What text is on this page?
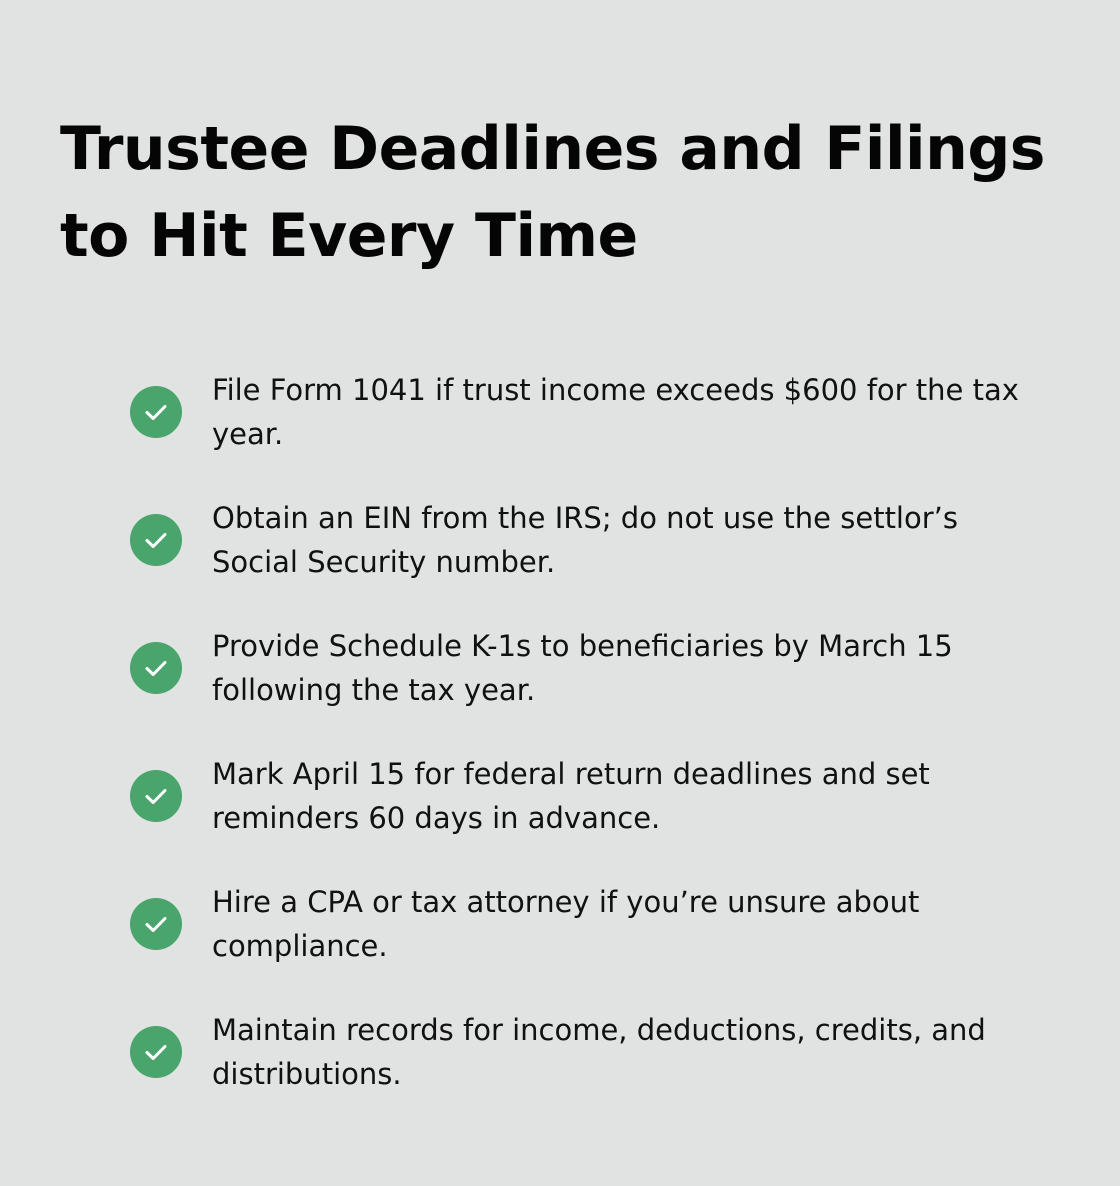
Trustee Deadlines and Filings
to Hit Every Time
File Form 1041 if trust income exceeds $600 for the tax
year.
Obtain an EIN from the IRS; do not use the settlor’s
Social Security number.
Provide Schedule K-1s to beneficiaries by March 15
following the tax year.
Mark April 15 for federal return deadlines and set
reminders 60 days in advance.
Hire a CPA or tax attorney if you’re unsure about
compliance.
Maintain records for income, deductions, credits, and
distributions.
